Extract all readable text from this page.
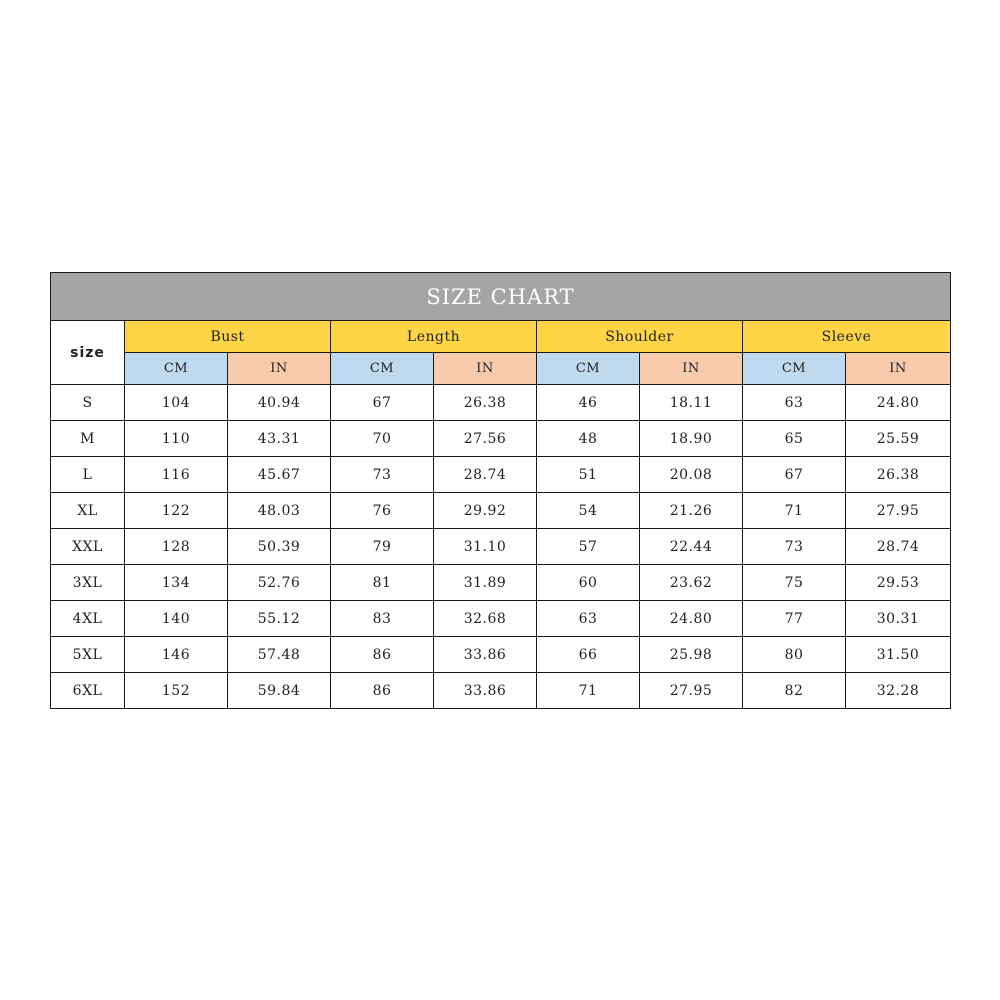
SIZE CHART								
size	Bust		Length		Shoulder		Sleeve	
	CM	IN	CM	IN	CM	IN	CM	IN
S	104	40.94	67	26.38	46	18.11	63	24.80
M	110	43.31	70	27.56	48	18.90	65	25.59
L	116	45.67	73	28.74	51	20.08	67	26.38
XL	122	48.03	76	29.92	54	21.26	71	27.95
XXL	128	50.39	79	31.10	57	22.44	73	28.74
3XL	134	52.76	81	31.89	60	23.62	75	29.53
4XL	140	55.12	83	32.68	63	24.80	77	30.31
5XL	146	57.48	86	33.86	66	25.98	80	31.50
6XL	152	59.84	86	33.86	71	27.95	82	32.28
